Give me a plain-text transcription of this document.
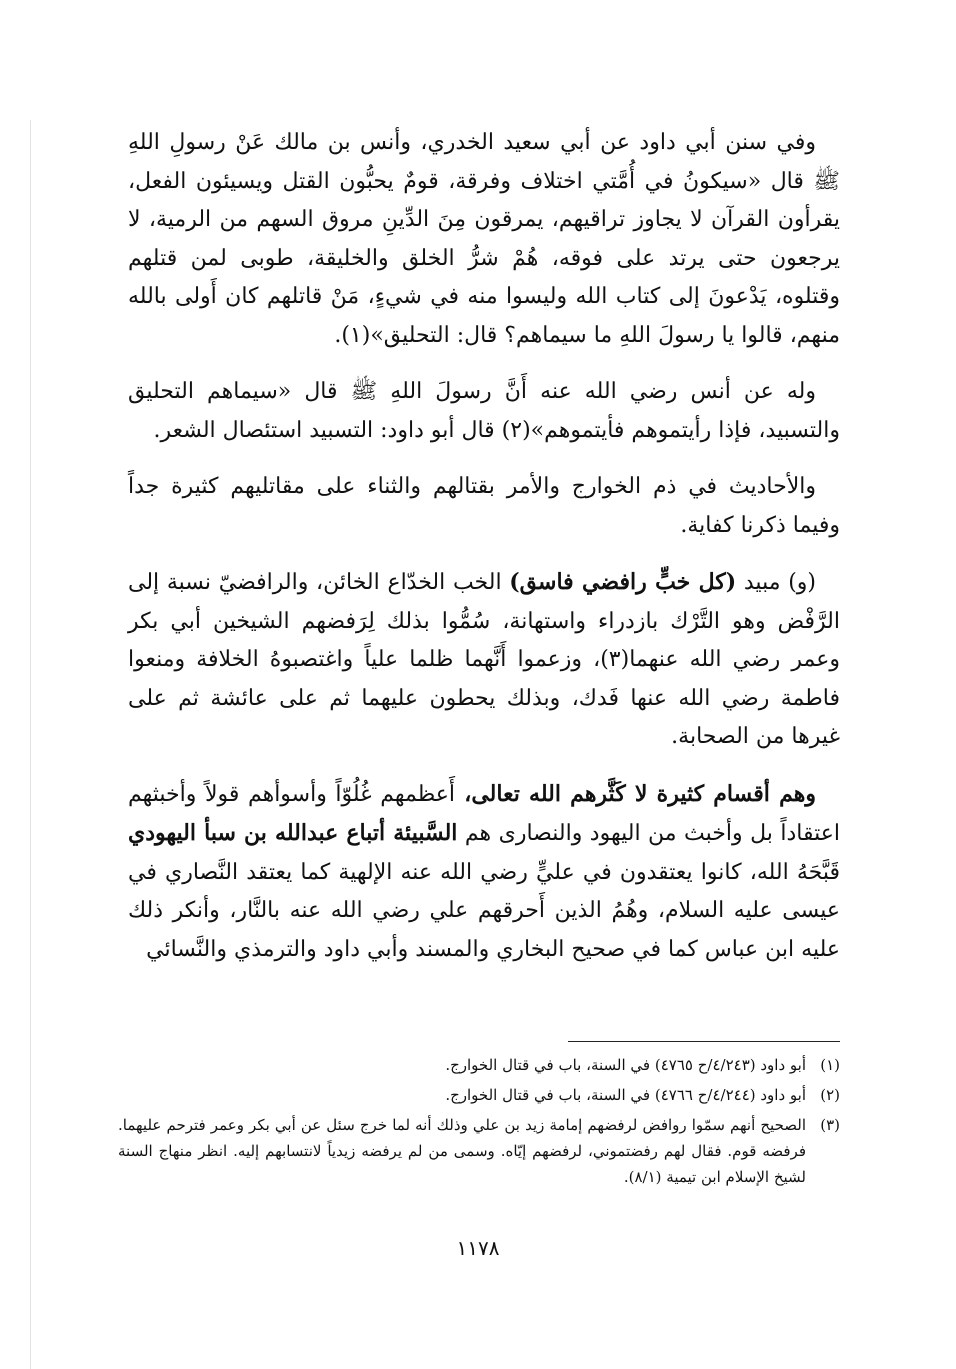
وفي سنن أبي داود عن أبي سعيد الخدري، وأنس بن مالك عَنْ رسولِ اللهِ ﷺ قال «سيكونُ في أُمَّتي اختلاف وفرقة، قومٌ يحبُّون القتل ويسيئون الفعل، يقرأون القرآن لا يجاوز تراقيهم، يمرقون مِنَ الدِّينِ مروق السهم من الرمية، لا يرجعون حتى يرتد على فوقه، هُمْ شرُّ الخلق والخليقة، طوبى لمن قتلهم وقتلوه، يَدْعونَ إلى كتاب الله وليسوا منه في شيءٍ، مَنْ قاتلهم كان أَولى بالله منهم، قالوا يا رسولَ اللهِ ما سيماهم؟ قال: التحليق»(١).

وله عن أنس رضي الله عنه أَنَّ رسولَ اللهِ ﷺ قال «سيماهم التحليق والتسبيد، فإذا رأيتموهم فأيتموهم»(٢) قال أبو داود: التسبيد استئصال الشعر.

والأحاديث في ذم الخوارج والأمر بقتالهم والثناء على مقاتليهم كثيرة جداً وفيما ذكرنا كفاية.

(و) مبيد (كل خبٍّ رافضي فاسق) الخب الخدّاع الخائن، والرافضيّ نسبة إلى الرَّفْض وهو التَّرْك بازدراء واستهانة، سُمُّوا بذلك لِرَفضهم الشيخين أبي بكر وعمر رضي الله عنهما(٣)، وزعموا أَنَّهما ظلما علياً واغتصبوهُ الخلافة ومنعوا فاطمة رضي الله عنها فَدك، وبذلك يحطون عليهما ثم على عائشة ثم على غيرها من الصحابة.

وهم أقسام كثيرة لا كَثَّرهم الله تعالى، أَعظمهم غُلُوّاً وأسوأهم قولاً وأخبثهم اعتقاداً بل وأخبث من اليهود والنصارى هم السَّبيئة أتباع عبدالله بن سبأ اليهودي قَبَّحَهُ الله، كانوا يعتقدون في عليٍّ رضي الله عنه الإلهية كما يعتقد النَّصاري في عيسى عليه السلام، وهُمُ الذين أَحرقهم علي رضي الله عنه بالنَّار، وأنكر ذلك عليه ابن عباس كما في صحيح البخاري والمسند وأبي داود والترمذي والنَّسائي

(١)
أبو داود (٤/٢٤٣/ح ٤٧٦٥) في السنة، باب في قتال الخوارج.
(٢)
أبو داود (٤/٢٤٤/ح ٤٧٦٦) في السنة، باب في قتال الخوارج.
(٣)
الصحيح أنهم سمّوا روافض لرفضهم إمامة زيد بن علي وذلك أنه لما خرج سئل عن أبي بكر وعمر فترحم عليهما. فرفضه قوم. فقال لهم رفضتموني، لرفضهم إيّاه. وسمى من لم يرفضه زيدياً لانتسابهم إليه. انظر منهاج السنة لشيخ الإسلام ابن تيمية (٨/١).
١١٧٨
